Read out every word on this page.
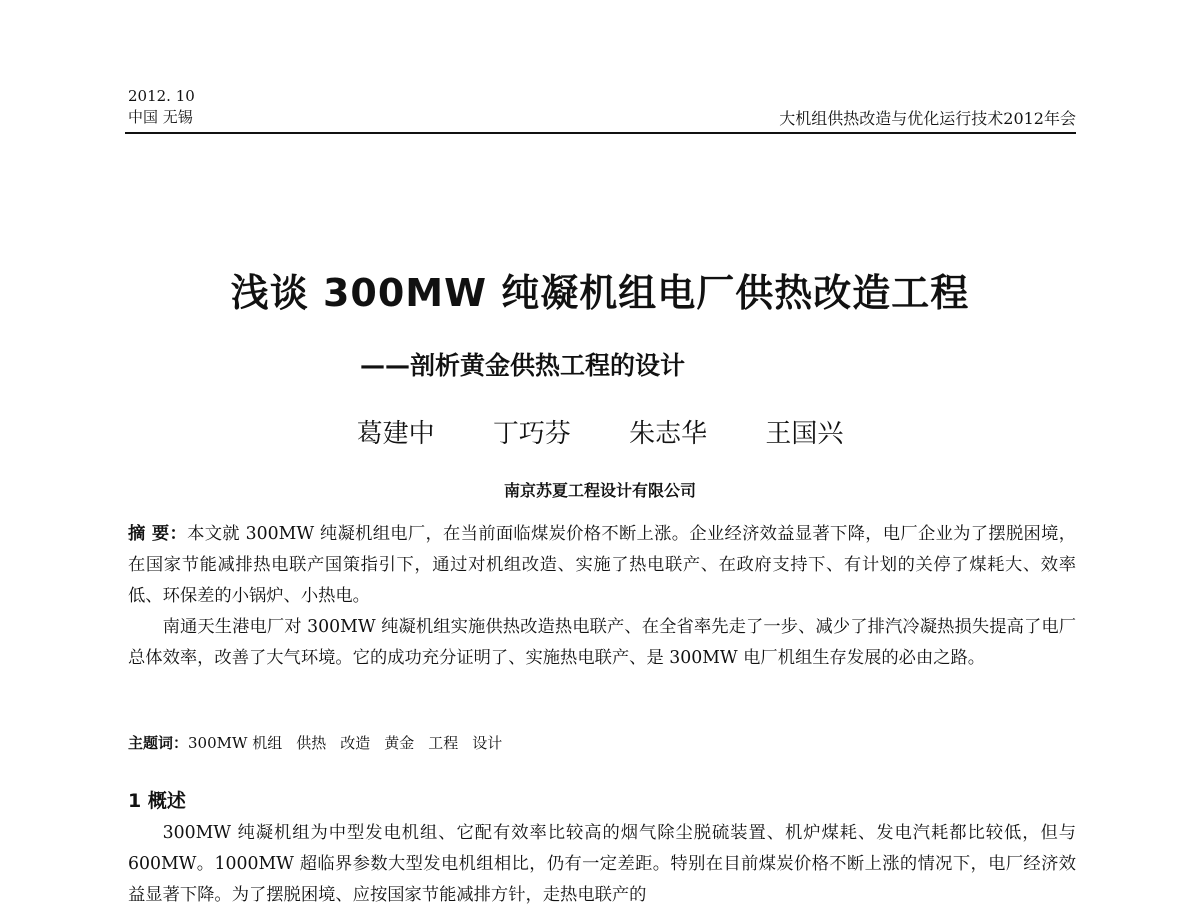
2012. 10
中国 无锡	大机组供热改造与优化运行技术2012年会
浅谈 300MW 纯凝机组电厂供热改造工程
——剖析黄金供热工程的设计
葛建中 丁巧芬 朱志华 王国兴
南京苏夏工程设计有限公司

摘 要：本文就 300MW 纯凝机组电厂，在当前面临煤炭价格不断上涨。企业经济效益显著下降，电厂企业为了摆脱困境，在国家节能减排热电联产国策指引下，通过对机组改造、实施了热电联产、在政府支持下、有计划的关停了煤耗大、效率低、环保差的小锅炉、小热电。

南通天生港电厂对 300MW 纯凝机组实施供热改造热电联产、在全省率先走了一步、减少了排汽冷凝热损失提高了电厂总体效率，改善了大气环境。它的成功充分证明了、实施热电联产、是 300MW 电厂机组生存发展的必由之路。

主题词：300MW 机组 供热 改造 黄金 工程 设计
1 概述

300MW 纯凝机组为中型发电机组、它配有效率比较高的烟气除尘脱硫装置、机炉煤耗、发电汽耗都比较低，但与 600MW。1000MW 超临界参数大型发电机组相比，仍有一定差距。特别在目前煤炭价格不断上涨的情况下，电厂经济效益显著下降。为了摆脱困境、应按国家节能减排方针，走热电联产的
